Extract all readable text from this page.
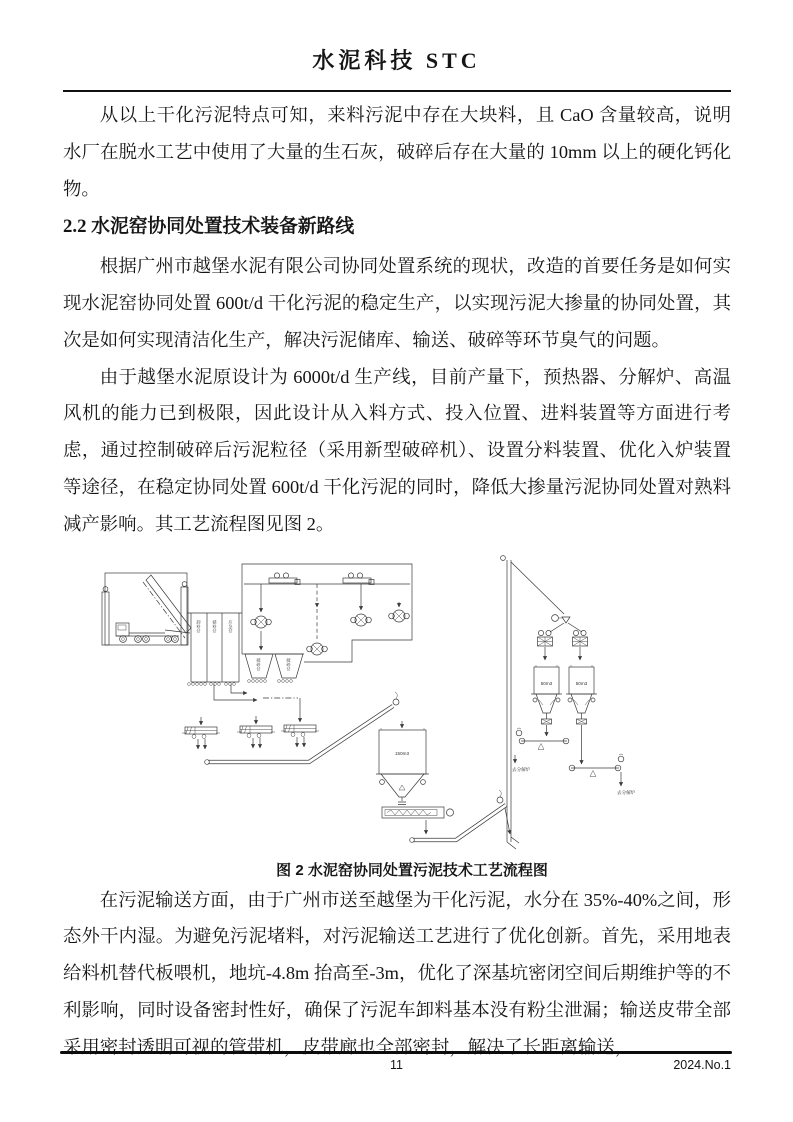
水泥科技 STC

从以上干化污泥特点可知，来料污泥中存在大块料，且 CaO 含量较高，说明水厂在脱水工艺中使用了大量的生石灰，破碎后存在大量的 10mm 以上的硬化钙化物。

2.2 水泥窑协同处置技术装备新路线

根据广州市越堡水泥有限公司协同处置系统的现状，改造的首要任务是如何实现水泥窑协同处置 600t/d 干化污泥的稳定生产，以实现污泥大掺量的协同处置，其次是如何实现清洁化生产，解决污泥储库、输送、破碎等环节臭气的问题。

由于越堡水泥原设计为 6000t/d 生产线，目前产量下，预热器、分解炉、高温风机的能力已到极限，因此设计从入料方式、投入位置、进料装置等方面进行考虑，通过控制破碎后污泥粒径（采用新型破碎机）、设置分料装置、优化入炉装置等途径，在稳定协同处置 600t/d 干化污泥的同时，降低大掺量污泥协同处置对熟料减产影响。其工艺流程图见图 2。

卸料仓	储料仓	应急仓
破碎仓	破碎仓
150m3
去分解炉
50m3	50m3
去分解炉

图 2 水泥窑协同处置污泥技术工艺流程图

在污泥输送方面，由于广州市送至越堡为干化污泥，水分在 35%-40%之间，形态外干内湿。为避免污泥堵料，对污泥输送工艺进行了优化创新。首先，采用地表给料机替代板喂机，地坑-4.8m 抬高至-3m，优化了深基坑密闭空间后期维护等的不利影响，同时设备密封性好，确保了污泥车卸料基本没有粉尘泄漏；输送皮带全部采用密封透明可视的管带机，皮带廊也全部密封，解决了长距离输送，

11	2024.No.1
